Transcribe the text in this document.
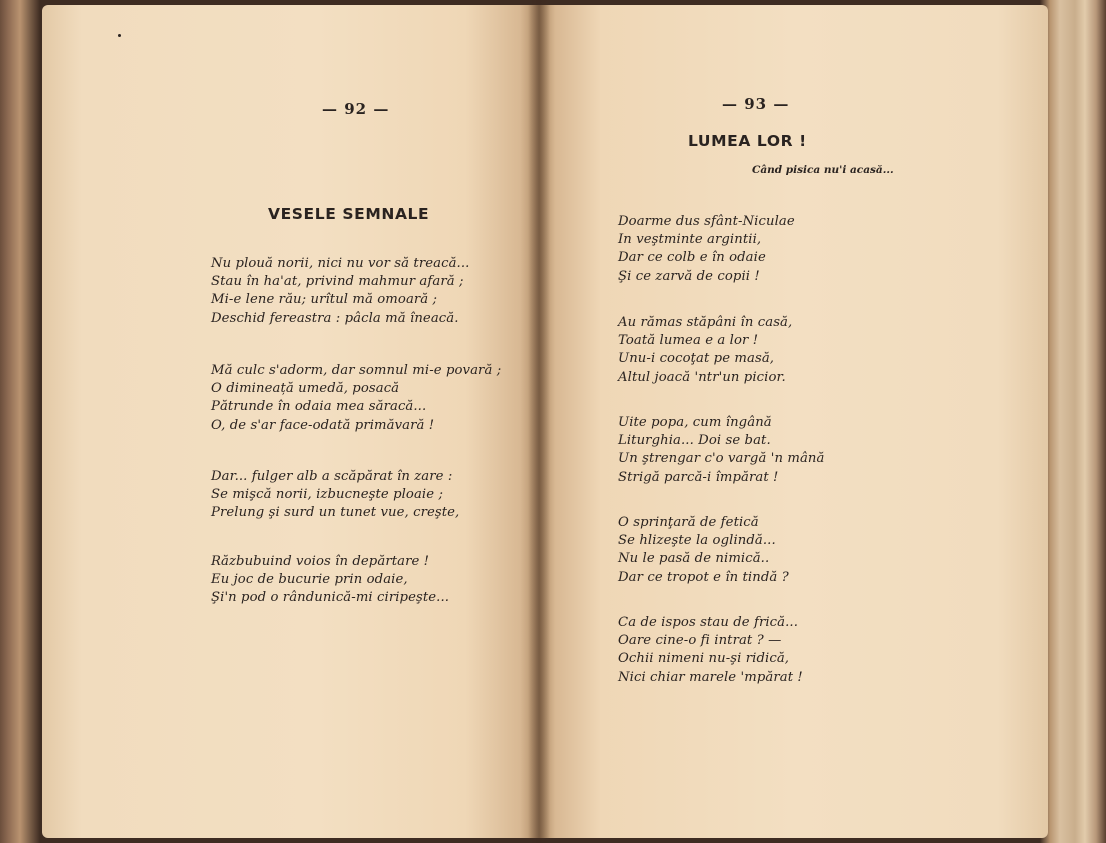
— 92 —
VESELE SEMNALE
Nu plouă norii, nici nu vor să treacă...
Stau în ha'at, privind mahmur afară ;
Mi-e lene rău; urîtul mă omoară ;
Deschid fereastra : pâcla mă îneacă.
Mă culc s'adorm, dar somnul mi-e povară ;
O dimineață umedă, posacă
Pătrunde în odaia mea săracă...
O, de s'ar face-odată primăvară !
Dar... fulger alb a scăpărat în zare :
Se mişcă norii, izbucneşte ploaie ;
Prelung şi surd un tunet vue, creşte,
Răzbubuind voios în depărtare !
Eu joc de bucurie prin odaie,
Şi'n pod o rândunică-mi ciripeşte...
— 93 —
LUMEA LOR !
Când pisica nu'i acasă...
Doarme dus sfânt-Niculae
In veştminte argintii,
Dar ce colb e în odaie
Şi ce zarvă de copii !
Au rămas stăpâni în casă,
Toată lumea e a lor !
Unu-i cocoţat pe masă,
Altul joacă 'ntr'un picior.
Uite popa, cum îngână
Liturghia... Doi se bat.
Un ştrengar c'o vargă 'n mână
Strigă parcă-i împărat !
O sprinţară de fetică
Se hlizeşte la oglindă...
Nu le pasă de nimică..
Dar ce tropot e în tindă ?
Ca de ispos stau de frică...
Oare cine-o fi intrat ? —
Ochii nimeni nu-şi ridică,
Nici chiar marele 'mpărat !
